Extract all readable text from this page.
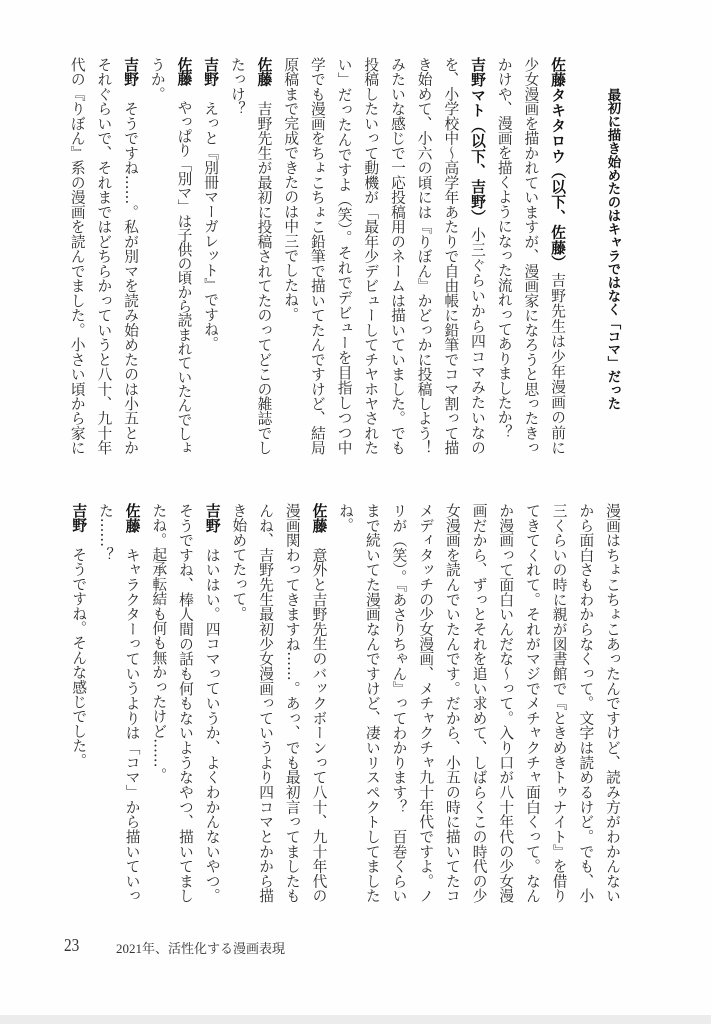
最初に描き始めたのはキャラではなく「コマ」だった
佐藤タキタロウ（以下、佐藤）吉野先生は少年漫画の前に
少女漫画を描かれていますが、漫画家になろうと思ったきっ
かけや、漫画を描くようになった流れってありましたか？
吉野マト（以下、吉野）小三ぐらいから四コマみたいなの
を、小学校中～高学年あたりで自由帳に鉛筆でコマ割って描
き始めて、小六の頃には『りぼん』かどっかに投稿しよう！
みたいな感じで一応投稿用のネームは描いていました。でも
投稿したいって動機が「最年少デビューしてチヤホヤされた
い」だったんですよ（笑）。それでデビューを目指しつつ中
学でも漫画をちょこちょこ鉛筆で描いてたんですけど、結局
原稿まで完成できたのは中三でしたね。
佐藤吉野先生が最初に投稿されてたのってどこの雑誌でし
たっけ？
吉野えっと『別冊マーガレット』ですね。
佐藤やっぱり「別マ」は子供の頃から読まれていたんでしょ
うか。
吉野そうですね……。私が別マを読み始めたのは小五とか
それぐらいで、それまではどちらかっていうと八十、九十年
代の『りぼん』系の漫画を読んでました。小さい頃から家に
漫画はちょこちょこあったんですけど、読み方がわかんない
から面白さもわからなくって。文字は読めるけど。でも、小
三くらいの時に親が図書館で『ときめきトゥナイト』を借り
てきてくれて。それがマジでメチャクチャ面白くって。なん
か漫画って面白いんだな～って。入り口が八十年代の少女漫
画だから、ずっとそれを追い求めて、しばらくこの時代の少
女漫画を読んでいたんです。だから、小五の時に描いてたコ
メディタッチの少女漫画、メチャクチャ九十年代ですよ。ノ
リが（笑）。『あさりちゃん』ってわかります？　百巻くらい
まで続いてた漫画なんですけど、凄いリスペクトしてました
ね。
佐藤意外と吉野先生のバックボーンって八十、九十年代の
漫画関わってきますね……。あっ、でも最初言ってましたも
んね、吉野先生最初少女漫画っていうより四コマとかから描
き始めてたって。
吉野はいはい。四コマっていうか、よくわかんないやつ。
そうですね、棒人間の話も何もないようなやつ、描いてまし
たね。起承転結も何も無かったけど……。
佐藤キャラクターっていうよりは「コマ」から描いていっ
た……？
吉野そうですね。そんな感じでした。
23	2021年、活性化する漫画表現
